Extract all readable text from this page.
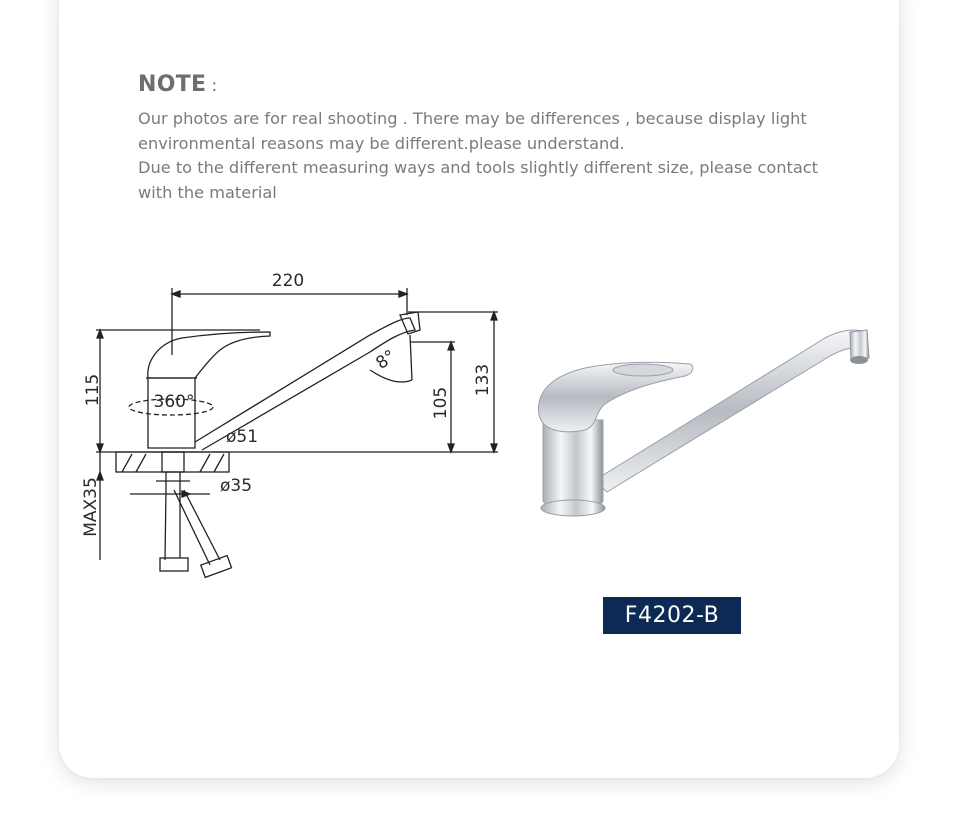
NOTE :

Our photos are for real shooting . There may be differences , because display light

environmental reasons may be different.please understand.

Due to the different measuring ways and tools slightly different size, please contact

with the material

220
115	133
105
8°
360°
ø51
ø35
MAX35
F4202-B
